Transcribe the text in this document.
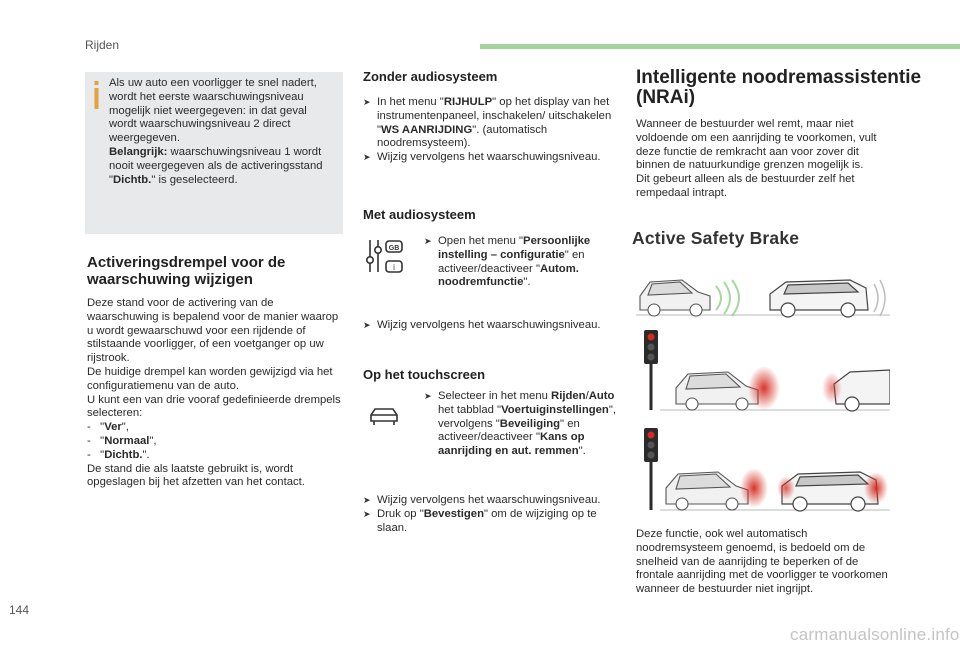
Rijden
Als uw auto een voorligger te snel nadert, wordt het eerste waarschuwingsniveau mogelijk niet weergegeven: in dat geval wordt waarschuwingsniveau 2 direct weergegeven.
Belangrijk: waarschuwingsniveau 1 wordt nooit weergegeven als de activeringsstand "Dichtb." is geselecteerd.
Activeringsdrempel voor de waarschuwing wijzigen
Deze stand voor de activering van de waarschuwing is bepalend voor de manier waarop u wordt gewaarschuwd voor een rijdende of stilstaande voorligger, of een voetganger op uw rijstrook.
De huidige drempel kan worden gewijzigd via het configuratiemenu van de auto.
U kunt een van drie vooraf gedefinieerde drempels selecteren:

-   "Ver",
-   "Normaal",
-   "Dichtb.".
De stand die als laatste gebruikt is, wordt opgeslagen bij het afzetten van het contact.
Zonder audiosysteem
➤ In het menu "RIJHULP" op het display van het instrumentenpaneel, inschakelen/ uitschakelen "WS AANRIJDING". (automatisch noodremsysteem).
➤ Wijzig vervolgens het waarschuwingsniveau.
Met audiosysteem
GB
i
➤ Open het menu "Persoonlijke instelling – configuratie" en activeer/deactiveer "Autom. noodremfunctie".
➤ Wijzig vervolgens het waarschuwingsniveau.
Op het touchscreen
➤ Selecteer in het menu Rijden/Auto het tabblad "Voertuiginstellingen", vervolgens "Beveiliging" en activeer/deactiveer "Kans op aanrijding en aut. remmen".
➤ Wijzig vervolgens het waarschuwingsniveau.
➤ Druk op "Bevestigen" om de wijziging op te slaan.
Intelligente noodremassistentie (NRAi)
Wanneer de bestuurder wel remt, maar niet voldoende om een aanrijding te voorkomen, vult deze functie de remkracht aan voor zover dit binnen de natuurkundige grenzen mogelijk is.
Dit gebeurt alleen als de bestuurder zelf het rempedaal intrapt.
Active Safety Brake
Deze functie, ook wel automatisch noodremsysteem genoemd, is bedoeld om de snelheid van de aanrijding te beperken of de frontale aanrijding met de voorligger te voorkomen wanneer de bestuurder niet ingrijpt.
144
carmanualsonline.info
